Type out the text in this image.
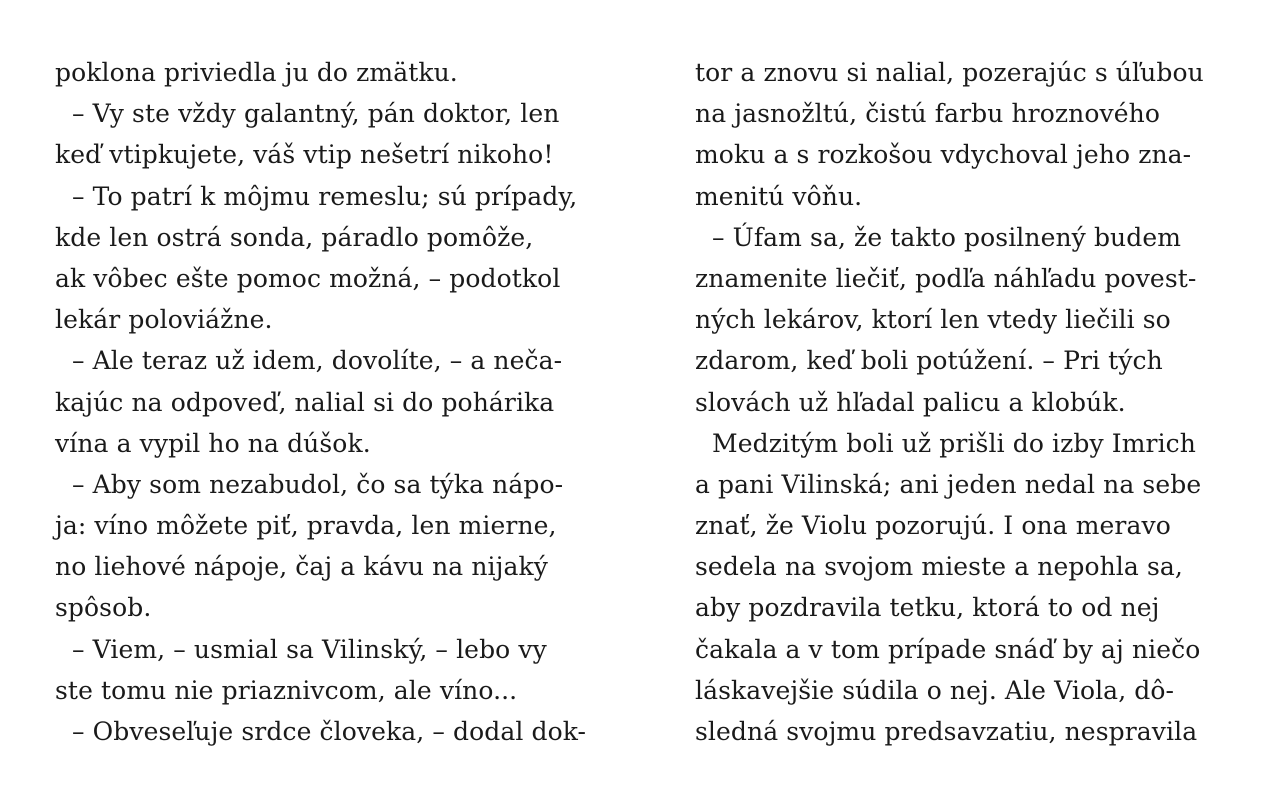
poklona priviedla ju do zmätku.
– Vy ste vždy galantný, pán doktor, len
keď vtipkujete, váš vtip nešetrí nikoho!
– To patrí k môjmu remeslu; sú prípady,
kde len ostrá sonda, páradlo pomôže,
ak vôbec ešte pomoc možná, – podotkol
lekár poloviážne.
– Ale teraz už idem, dovolíte, – a neča-
kajúc na odpoveď, nalial si do pohárika
vína a vypil ho na dúšok.
– Aby som nezabudol, čo sa týka nápo-
ja: víno môžete piť, pravda, len mierne,
no liehové nápoje, čaj a kávu na nijaký
spôsob.
– Viem, – usmial sa Vilinský, – lebo vy
ste tomu nie priaznivcom, ale víno...
– Obveseľuje srdce človeka, – dodal dok-
tor a znovu si nalial, pozerajúc s úľubou
na jasnožltú, čistú farbu hroznového
moku a s rozkošou vdychoval jeho zna-
menitú vôňu.
– Úfam sa, že takto posilnený budem
znamenite liečiť, podľa náhľadu povest-
ných lekárov, ktorí len vtedy liečili so
zdarom, keď boli potúžení. – Pri tých
slovách už hľadal palicu a klobúk.
Medzitým boli už prišli do izby Imrich
a pani Vilinská; ani jeden nedal na sebe
znať, že Violu pozorujú. I ona meravo
sedela na svojom mieste a nepohla sa,
aby pozdravila tetku, ktorá to od nej
čakala a v tom prípade snáď by aj niečo
láskavejšie súdila o nej. Ale Viola, dô-
sledná svojmu predsavzatiu, nespravila
